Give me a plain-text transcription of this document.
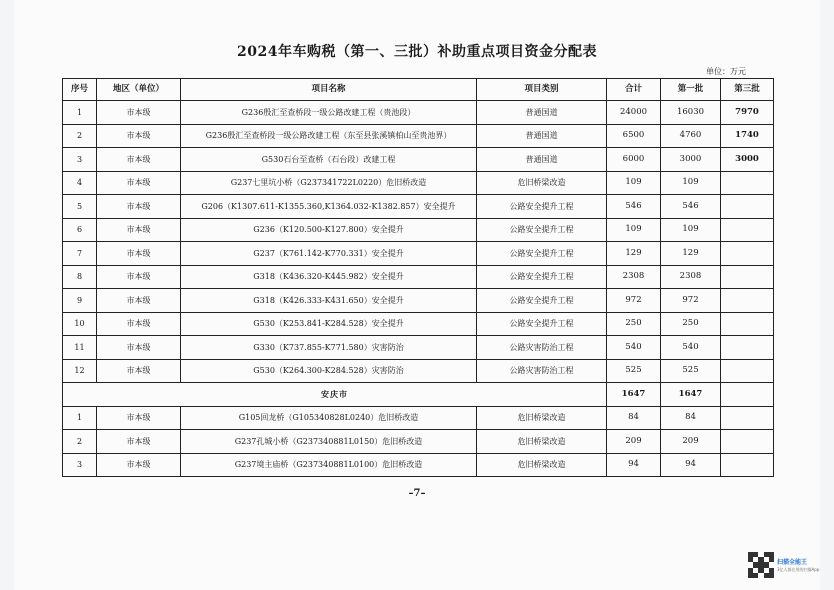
2024年车购税（第一、三批）补助重点项目资金分配表
单位：万元
序号	地区（单位）	项目名称	项目类别	合计	第一批	第三批
1	市本级	G236殷汇至查桥段一级公路改建工程（贵池段）	普通国道	24000	16030	7970
2	市本级	G236殷汇至查桥段一级公路改建工程（东至县张溪镇柏山至贵池界）	普通国道	6500	4760	1740
3	市本级	G530石台至查桥（石台段）改建工程	普通国道	6000	3000	3000
4	市本级	G237七里坑小桥（G237341722L0220）危旧桥改造	危旧桥梁改造	109	109	
5	市本级	G206（K1307.611-K1355.360,K1364.032-K1382.857）安全提升	公路安全提升工程	546	546	
6	市本级	G236（K120.500-K127.800）安全提升	公路安全提升工程	109	109	
7	市本级	G237（K761.142-K770.331）安全提升	公路安全提升工程	129	129	
8	市本级	G318（K436.320-K445.982）安全提升	公路安全提升工程	2308	2308	
9	市本级	G318（K426.333-K431.650）安全提升	公路安全提升工程	972	972	
10	市本级	G530（K253.841-K284.528）安全提升	公路安全提升工程	250	250	
11	市本级	G330（K737.855-K771.580）灾害防治	公路灾害防治工程	540	540	
12	市本级	G530（K264.300-K284.528）灾害防治	公路灾害防治工程	525	525	
安庆市				1647	1647	
1	市本级	G105回龙桥（G105340828L0240）危旧桥改造	危旧桥梁改造	84	84	
2	市本级	G237孔城小桥（G237340881L0150）危旧桥改造	危旧桥梁改造	209	209	
3	市本级	G237境主庙桥（G237340881L0100）危旧桥改造	危旧桥梁改造	94	94	
–7–
扫描全能王
3亿人都在用的扫描App
